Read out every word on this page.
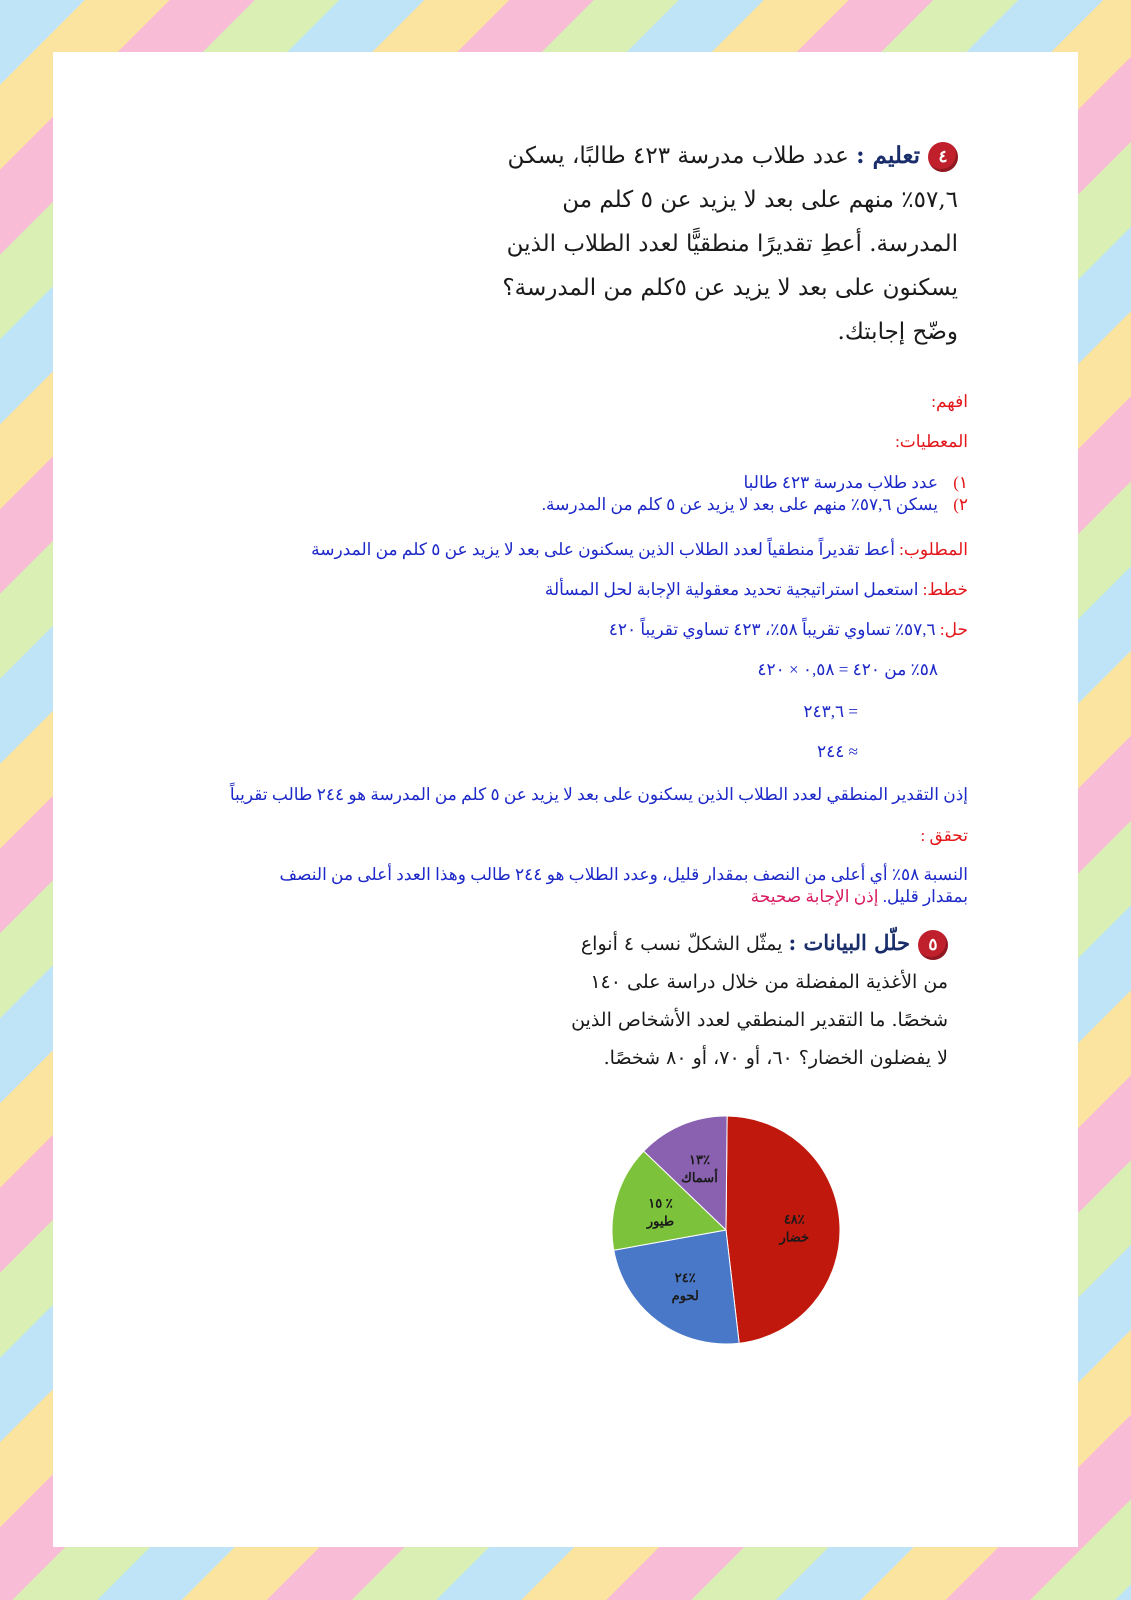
٤تعليم : عدد طلاب مدرسة ٤٢٣ طالبًا، يسكن
٥٧,٦٪ منهم على بعد لا يزيد عن ٥ كلم من
المدرسة. أعطِ تقديرًا منطقيًّا لعدد الطلاب الذين
يسكنون على بعد لا يزيد عن ٥كلم من المدرسة؟
وضّح إجابتك.
افهم:
المعطيات:
١)عدد طلاب مدرسة ٤٢٣ طالبا
٢)يسكن ٥٧,٦٪ منهم على بعد لا يزيد عن ٥ كلم من المدرسة.
المطلوب: أعط تقديراً منطقياً لعدد الطلاب الذين يسكنون على بعد لا يزيد عن ٥ كلم من المدرسة
خطط: استعمل استراتيجية تحديد معقولية الإجابة لحل المسألة
حل: ٥٧,٦٪ تساوي تقريباً ٥٨٪، ٤٢٣ تساوي تقريباً ٤٢٠
٥٨٪ من ٤٢٠ = ٠,٥٨ × ٤٢٠
= ٢٤٣,٦
≈ ٢٤٤
إذن التقدير المنطقي لعدد الطلاب الذين يسكنون على بعد لا يزيد عن ٥ كلم من المدرسة هو ٢٤٤ طالب تقريباً
تحقق :
النسبة ٥٨٪ أي أعلى من النصف بمقدار قليل، وعدد الطلاب هو ٢٤٤ طالب وهذا العدد أعلى من النصف
بمقدار قليل. إذن الإجابة صحيحة
٥حلّل البيانات : يمثّل الشكلّ نسب ٤ أنواع
من الأغذية المفضلة من خلال دراسة على ١٤٠
شخصًا. ما التقدير المنطقي لعدد الأشخاص الذين
لا يفضلون الخضار؟ ٦٠، أو ٧٠، أو ٨٠ شخصًا.
٤٨٪
خضار
٢٤٪
لحوم
١٥ ٪
طيور
١٣٪
أسماك
